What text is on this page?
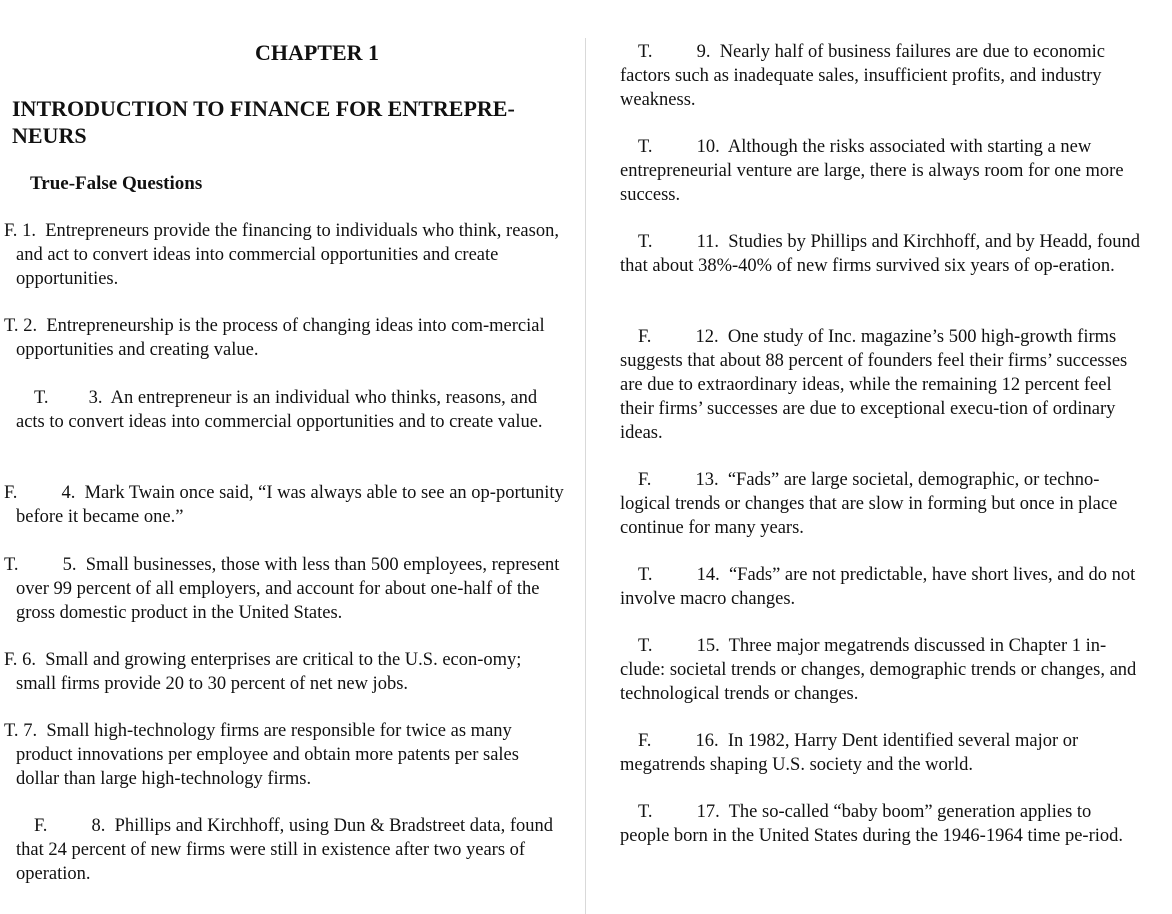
CHAPTER 1
INTRODUCTION TO FINANCE FOR ENTREPRE-
NEURS
True-False Questions

F. 1. Entrepreneurs provide the financing to individuals who think, reason, and act to convert ideas into commercial opportunities and create opportunities.

T. 2. Entrepreneurship is the process of changing ideas into com-mercial opportunities and creating value.

T. 3. An entrepreneur is an individual who thinks, reasons, and acts to convert ideas into commercial opportunities and to create value.

F. 4. Mark Twain once said, “I was always able to see an op-portunity before it became one.”

T. 5. Small businesses, those with less than 500 employees, represent over 99 percent of all employers, and account for about one-half of the gross domestic product in the United States.

F. 6. Small and growing enterprises are critical to the U.S. econ-omy; small firms provide 20 to 30 percent of net new jobs.

T. 7. Small high-technology firms are responsible for twice as many product innovations per employee and obtain more patents per sales dollar than large high-technology firms.

F. 8. Phillips and Kirchhoff, using Dun & Bradstreet data, found that 24 percent of new firms were still in existence after two years of operation.

T. 9. Nearly half of business failures are due to economic factors such as inadequate sales, insufficient profits, and industry weakness.

T. 10. Although the risks associated with starting a new entrepreneurial venture are large, there is always room for one more success.

T. 11. Studies by Phillips and Kirchhoff, and by Headd, found that about 38%-40% of new firms survived six years of op-eration.

F. 12. One study of Inc. magazine’s 500 high-growth firms suggests that about 88 percent of founders feel their firms’ successes are due to extraordinary ideas, while the remaining 12 percent feel their firms’ successes are due to exceptional execu-tion of ordinary ideas.

F. 13. “Fads” are large societal, demographic, or techno-logical trends or changes that are slow in forming but once in place continue for many years.

T. 14. “Fads” are not predictable, have short lives, and do not involve macro changes.

T. 15. Three major megatrends discussed in Chapter 1 in-clude: societal trends or changes, demographic trends or changes, and technological trends or changes.

F. 16. In 1982, Harry Dent identified several major or megatrends shaping U.S. society and the world.

T. 17. The so-called “baby boom” generation applies to people born in the United States during the 1946-1964 time pe-riod.
